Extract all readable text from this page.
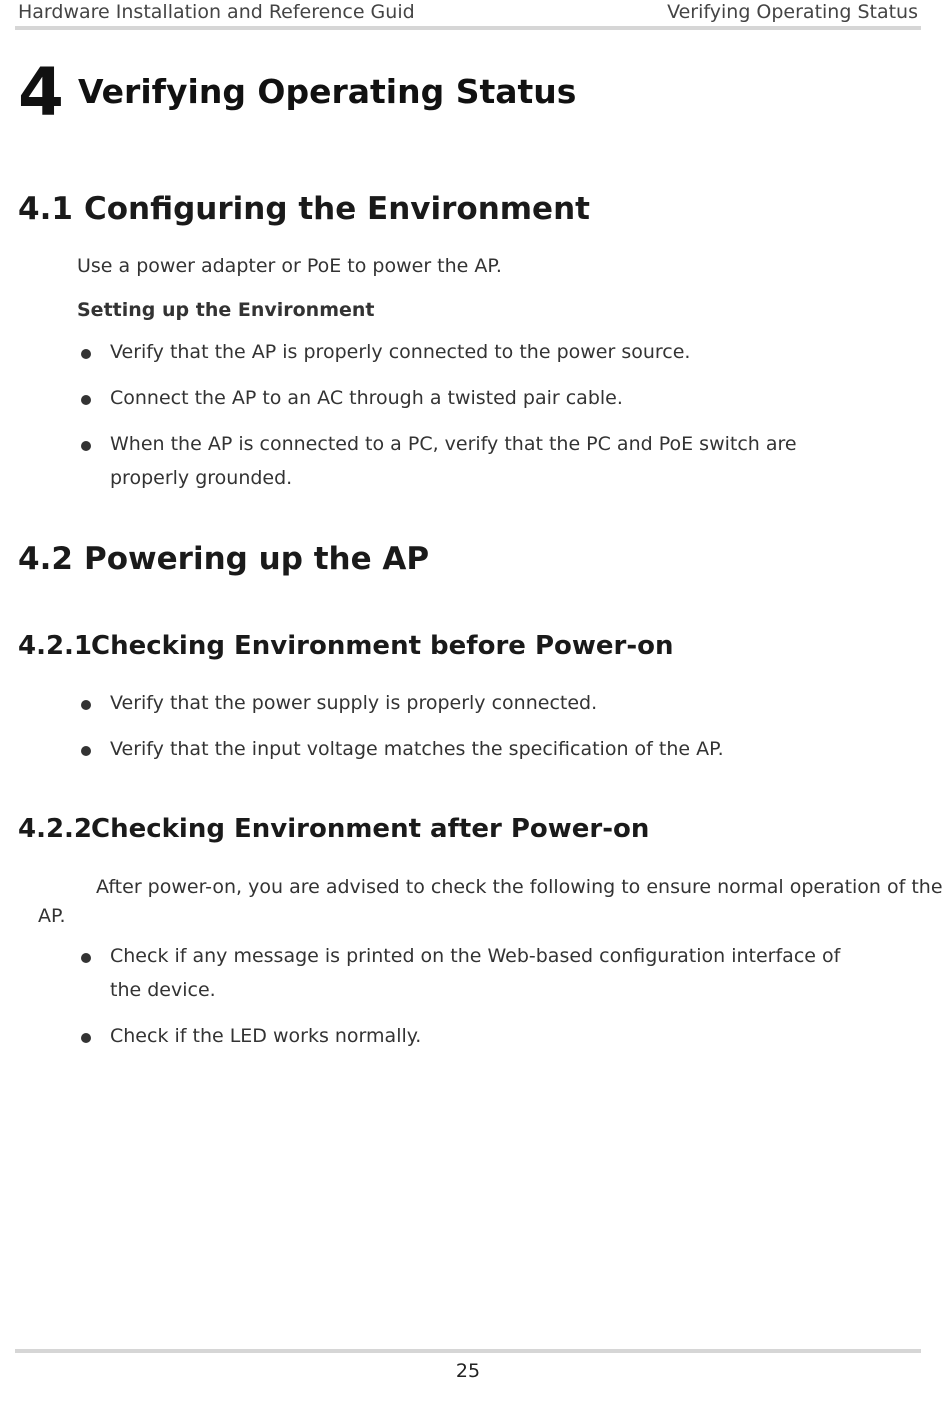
Hardware Installation and Reference Guid	Verifying Operating Status
4 Verifying Operating Status
4.1 Configuring the Environment
Use a power adapter or PoE to power the AP.
Setting up the Environment
Verify that the AP is properly connected to the power source.
Connect the AP to an AC through a twisted pair cable.
When the AP is connected to a PC, verify that the PC and PoE switch are properly grounded.
4.2 Powering up the AP
4.2.1Checking Environment before Power-on
Verify that the power supply is properly connected.
Verify that the input voltage matches the specification of the AP.
4.2.2Checking Environment after Power-on
After power-on, you are advised to check the following to ensure normal operation of the
AP.
Check if any message is printed on the Web-based configuration interface of the device.
Check if the LED works normally.
25
